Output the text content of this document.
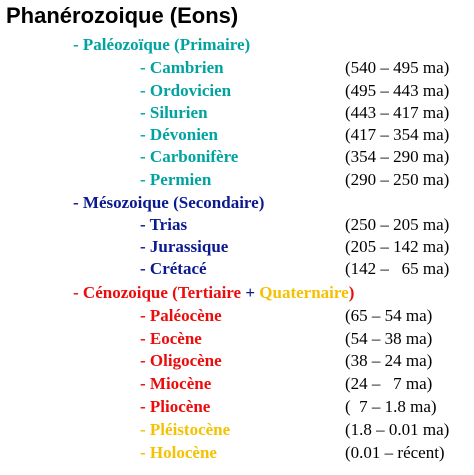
Phanérozoique (Eons)
- Paléozoïque (Primaire)
- Cambrien	(540 – 495 ma)
- Ordovicien	(495 – 443 ma)
- Silurien	(443 – 417 ma)
- Dévonien	(417 – 354 ma)
- Carbonifère	(354 – 290 ma)
- Permien	(290 – 250 ma)
- Mésozoique (Secondaire)
- Trias	(250 – 205 ma)
- Jurassique	(205 – 142 ma)
- Crétacé	(142 –   65 ma)
- Cénozoique (Tertiaire + Quaternaire)
- Paléocène	(65 – 54 ma)
- Eocène	(54 – 38 ma)
- Oligocène	(38 – 24 ma)
- Miocène	(24 –   7 ma)
- Pliocène	(  7 – 1.8 ma)
- Pléistocène	(1.8 – 0.01 ma)
- Holocène	(0.01 – récent)
